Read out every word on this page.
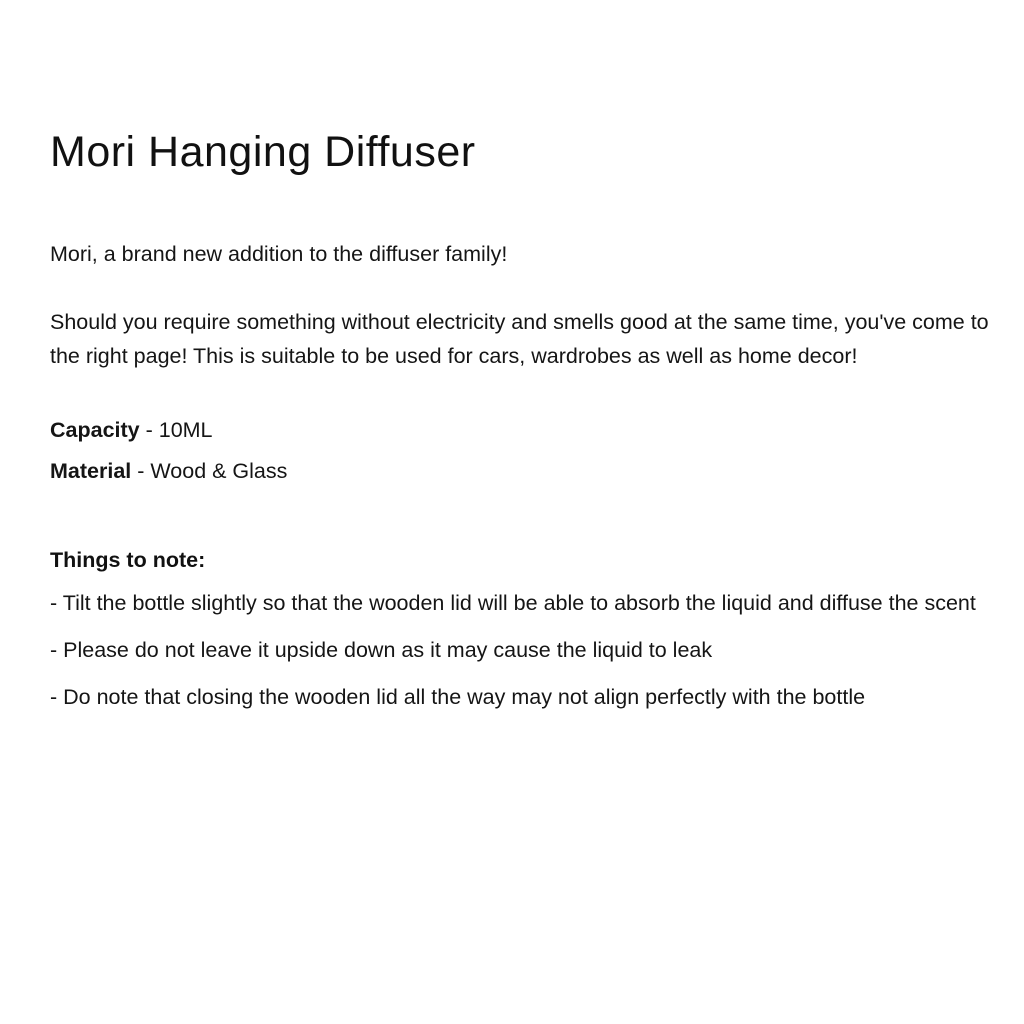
Mori Hanging Diffuser

Mori, a brand new addition to the diffuser family!

Should you require something without electricity and smells good at the same time, you've come to the right page! This is suitable to be used for cars, wardrobes as well as home decor!

Capacity - 10ML
Material - Wood & Glass
Things to note:

- Tilt the bottle slightly so that the wooden lid will be able to absorb the liquid and diffuse the scent

- Please do not leave it upside down as it may cause the liquid to leak

- Do note that closing the wooden lid all the way may not align perfectly with the bottle
